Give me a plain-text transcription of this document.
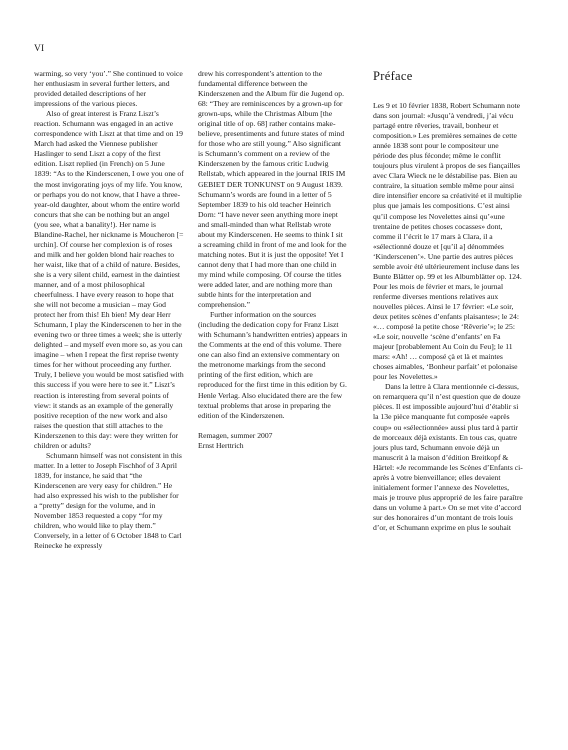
VI

warming, so very ‘you’.” She continued to voice her enthusiasm in several further letters, and provided detailed descriptions of her impressions of the various pieces.

Also of great interest is Franz Liszt’s reaction. Schumann was engaged in an active correspondence with Liszt at that time and on 19 March had asked the Viennese publisher Haslinger to send Liszt a copy of the first edition. Liszt replied (in French) on 5 June 1839: “As to the Kinderscenen, I owe you one of the most invigorating joys of my life. You know, or perhaps you do not know, that I have a three-year-old daughter, about whom the entire world concurs that she can be nothing but an angel (you see, what a banality!). Her name is Blandine-Rachel, her nickname is Moucheron [= urchin]. Of course her complexion is of roses and milk and her golden blond hair reaches to her waist, like that of a child of nature. Besides, she is a very silent child, earnest in the daintiest manner, and of a most philosophical cheerfulness. I have every reason to hope that she will not become a musician – may God protect her from this! Eh bien! My dear Herr Schumann, I play the Kinderscenen to her in the evening two or three times a week; she is utterly delighted – and myself even more so, as you can imagine – when I repeat the first reprise twenty times for her without proceeding any further. Truly, I believe you would be most satisfied with this success if you were here to see it.” Liszt’s reaction is interesting from several points of view: it stands as an example of the generally positive reception of the new work and also raises the question that still attaches to the Kinderszenen to this day: were they written for children or adults?

Schumann himself was not consistent in this matter. In a letter to Joseph Fischhof of 3 April 1839, for instance, he said that “the Kinderscenen are very easy for children.” He had also expressed his wish to the publisher for a “pretty” design for the volume, and in November 1853 requested a copy “for my children, who would like to play them.” Conversely, in a letter of 6 October 1848 to Carl Reinecke he expressly

drew his correspondent’s attention to the fundamental difference between the Kinderszenen and the Album für die Jugend op. 68: “They are reminiscences by a grown-up for grown-ups, while the Christmas Album [the original title of op. 68] rather contains make-believe, presentiments and future states of mind for those who are still young.” Also significant is Schumann’s comment on a review of the Kinderszenen by the famous critic Ludwig Rellstab, which appeared in the journal IRIS IM GEBIET DER TONKUNST on 9 August 1839. Schumann’s words are found in a letter of 5 September 1839 to his old teacher Heinrich Dorn: “I have never seen anything more inept and small-minded than what Rellstab wrote about my Kinderscenen. He seems to think I sit a screaming child in front of me and look for the matching notes. But it is just the opposite! Yet I cannot deny that I had more than one child in my mind while composing. Of course the titles were added later, and are nothing more than subtle hints for the interpretation and comprehension.”

Further information on the sources (including the dedication copy for Franz Liszt with Schumann’s handwritten entries) appears in the Comments at the end of this volume. There one can also find an extensive commentary on the metronome markings from the second printing of the first edition, which are reproduced for the first time in this edition by G. Henle Verlag. Also elucidated there are the few textual problems that arose in preparing the edition of the Kinderszenen.

Remagen, summer 2007
Ernst Herttrich
Préface

Les 9 et 10 février 1838, Robert Schumann note dans son journal: «Jusqu’à vendredi, j’ai vécu partagé entre rêveries, travail, bonheur et composition.» Les premières semaines de cette année 1838 sont pour le compositeur une période des plus féconde; même le conflit toujours plus virulent à propos de ses fiançailles avec Clara Wieck ne le déstabilise pas. Bien au contraire, la situation semble même pour ainsi dire intensifier encore sa créativité et il multiplie plus que jamais les compositions. C’est ainsi qu’il compose les Novelettes ainsi qu’«une trentaine de petites choses cocasses» dont, comme il l’écrit le 17 mars à Clara, il a «sélectionné douze et [qu’il a] dénommées ‘Kinderscenen’». Une partie des autres pièces semble avoir été ultérieurement incluse dans les Bunte Blätter op. 99 et les Albumblätter op. 124. Pour les mois de février et mars, le journal renferme diverses mentions relatives aux nouvelles pièces. Ainsi le 17 février: «Le soir, deux petites scènes d’enfants plaisantes»; le 24: «… composé la petite chose ‘Rêverie’»; le 25: «Le soir, nouvelle ‘scène d’enfants’ en Fa majeur [probablement Au Coin du Feu]; le 11 mars: «Ah! … composé çà et là et maintes choses aimables, ‘Bonheur parfait’ et polonaise pour les Novelettes.»

Dans la lettre à Clara mentionnée ci-dessus, on remarquera qu’il n’est question que de douze pièces. Il est impossible aujourd’hui d’établir si la 13e pièce manquante fut composée «après coup» ou «sélectionnée» aussi plus tard à partir de morceaux déjà existants. En tous cas, quatre jours plus tard, Schumann envoie déjà un manuscrit à la maison d’édition Breitkopf & Härtel: «Je recommande les Scènes d’Enfants ci-après à votre bienveillance; elles devaient initialement former l’annexe des Novelettes, mais je trouve plus approprié de les faire paraître dans un volume à part.» On se met vite d’accord sur des honoraires d’un montant de trois louis d’or, et Schumann exprime en plus le souhait
